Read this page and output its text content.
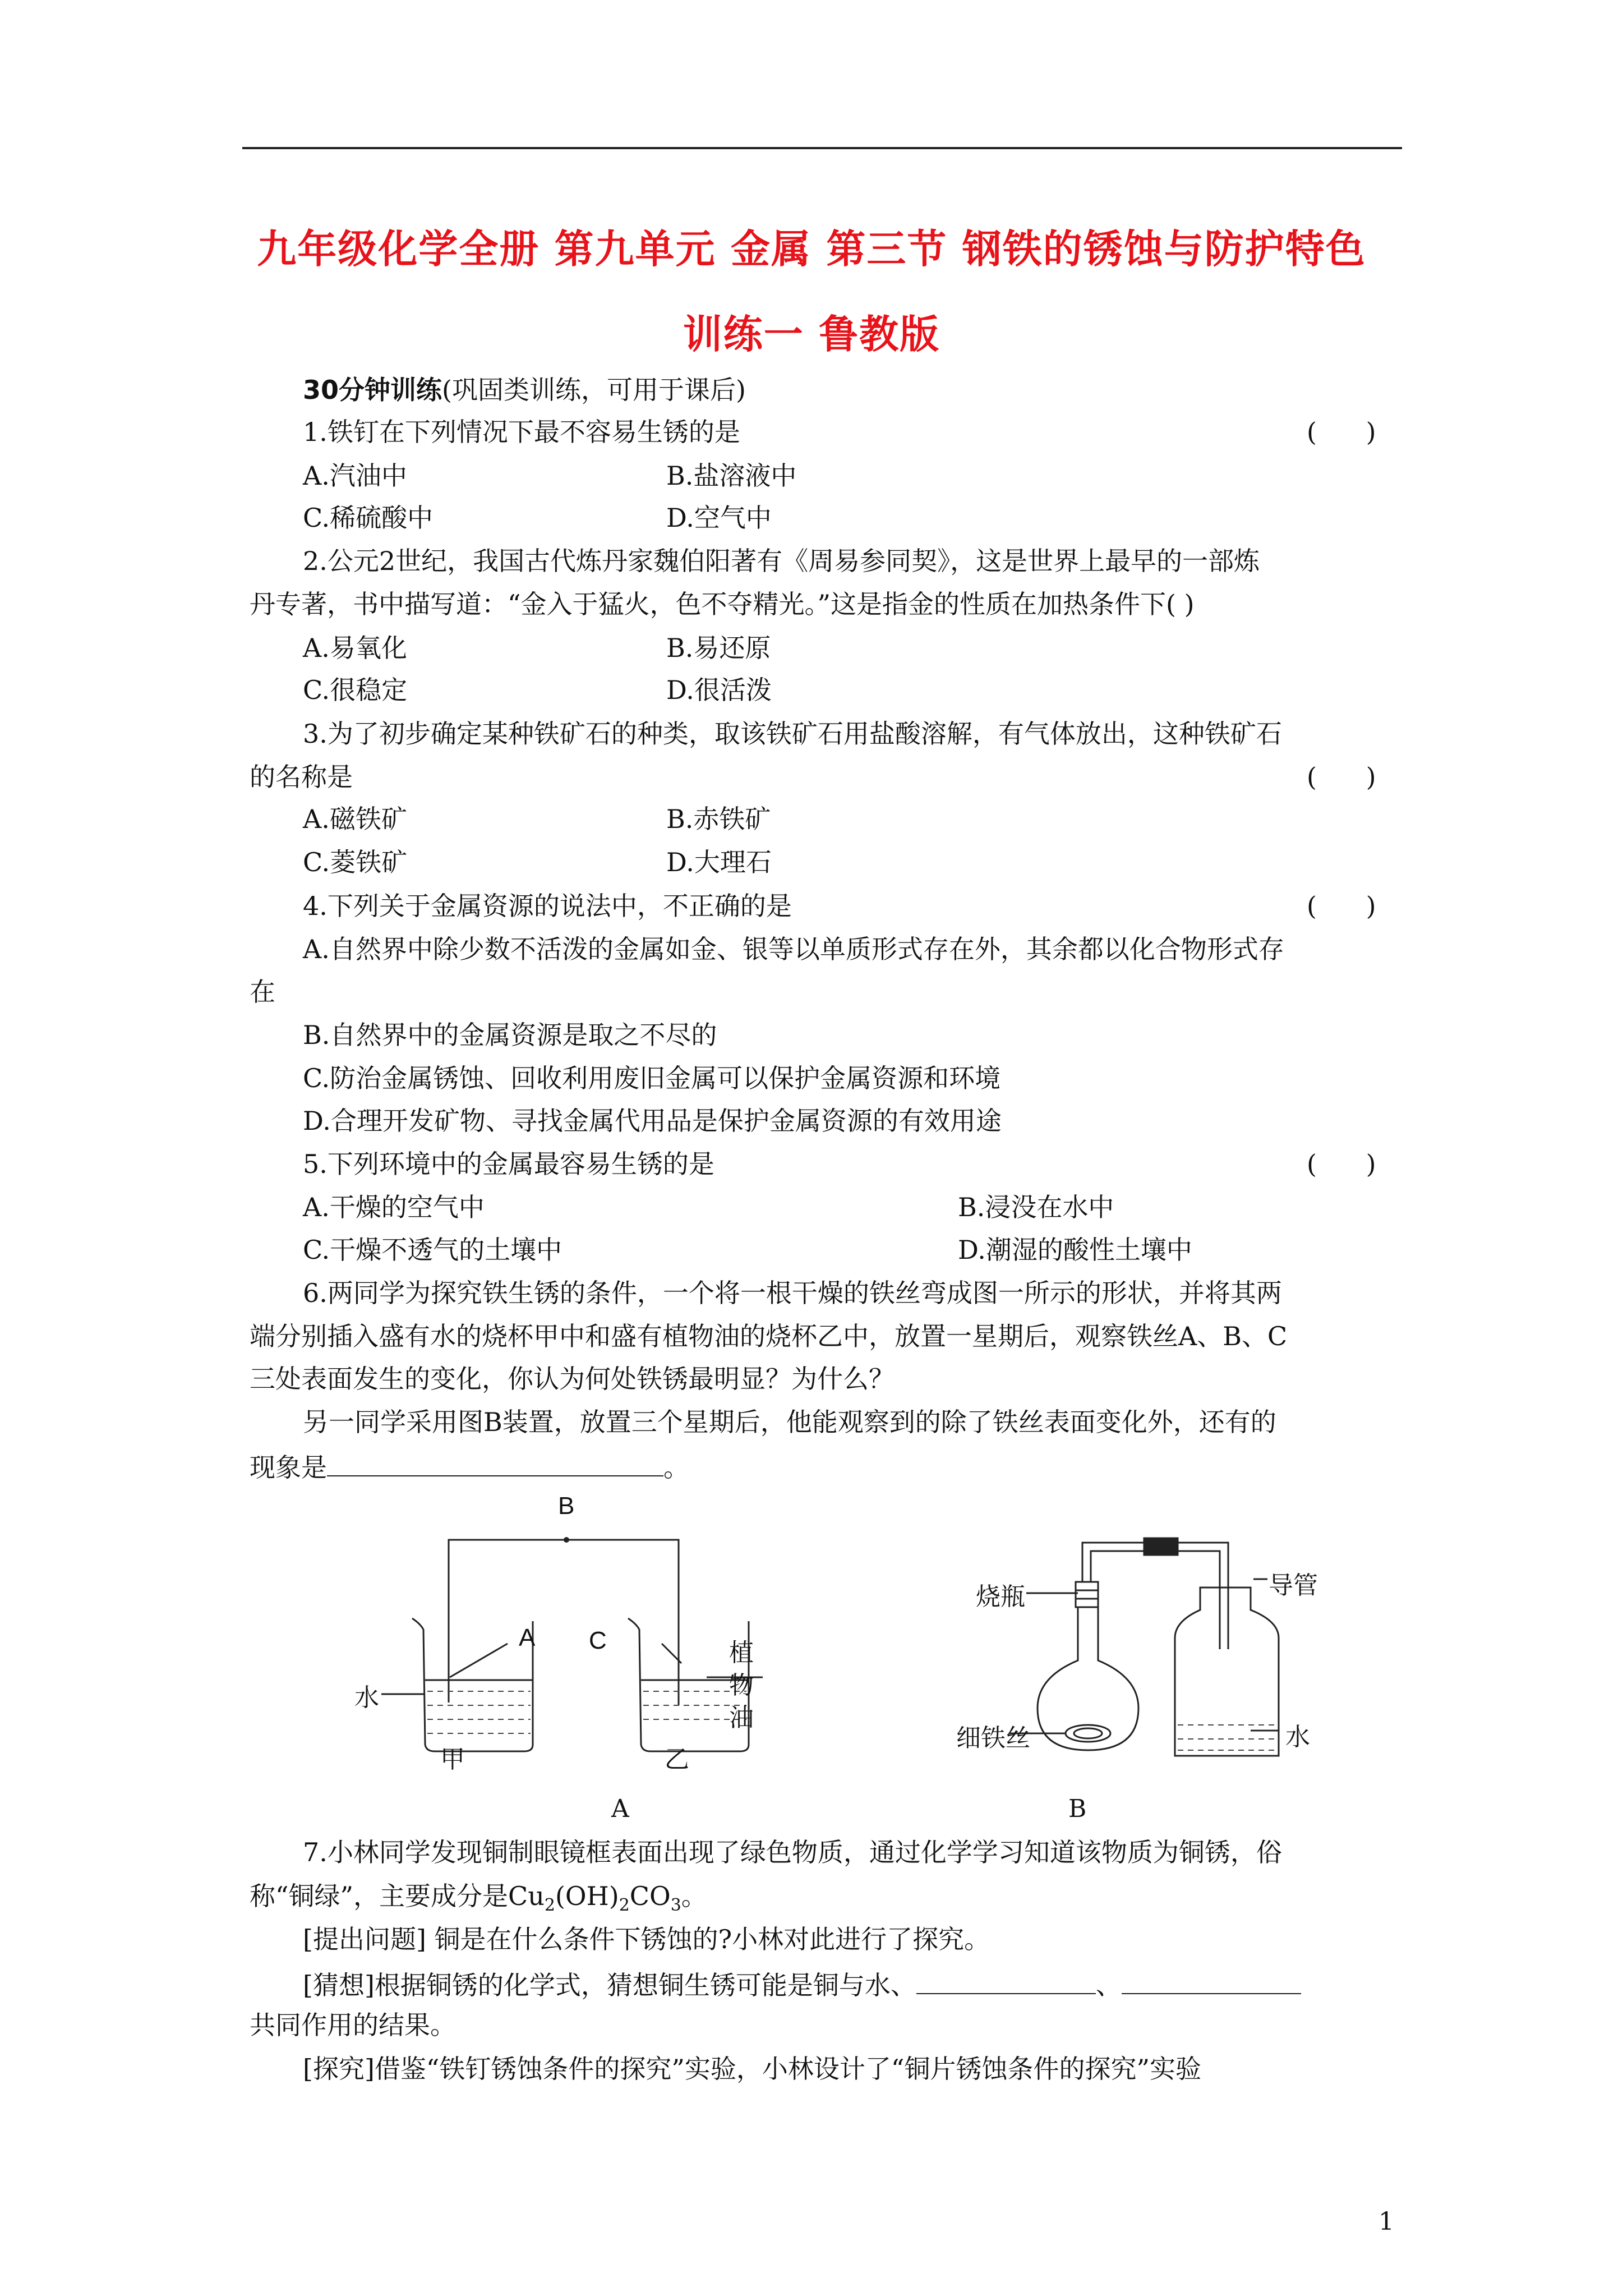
九年级化学全册 第九单元 金属 第三节 钢铁的锈蚀与防护特色
训练一 鲁教版
30分钟训练(巩固类训练，可用于课后)
1.铁钉在下列情况下最不容易生锈的是	(      )
A.汽油中	B.盐溶液中
C.稀硫酸中	D.空气中
2.公元2世纪，我国古代炼丹家魏伯阳著有《周易参同契》，这是世界上最早的一部炼
丹专著，书中描写道：“金入于猛火，色不夺精光。”这是指金的性质在加热条件下( )
A.易氧化	B.易还原
C.很稳定	D.很活泼
3.为了初步确定某种铁矿石的种类，取该铁矿石用盐酸溶解，有气体放出，这种铁矿石
的名称是	(      )
A.磁铁矿	B.赤铁矿
C.菱铁矿	D.大理石
4.下列关于金属资源的说法中，不正确的是	(      )
A.自然界中除少数不活泼的金属如金、银等以单质形式存在外，其余都以化合物形式存
在
B.自然界中的金属资源是取之不尽的
C.防治金属锈蚀、回收利用废旧金属可以保护金属资源和环境
D.合理开发矿物、寻找金属代用品是保护金属资源的有效用途
5.下列环境中的金属最容易生锈的是	(      )
A.干燥的空气中	B.浸没在水中
C.干燥不透气的土壤中	D.潮湿的酸性土壤中
6.两同学为探究铁生锈的条件，一个将一根干燥的铁丝弯成图一所示的形状，并将其两
端分别插入盛有水的烧杯甲中和盛有植物油的烧杯乙中，放置一星期后，观察铁丝A、B、C
三处表面发生的变化，你认为何处铁锈最明显？为什么？
另一同学采用图B装置，放置三个星期后，他能观察到的除了铁丝表面变化外，还有的
现象是	。
B
A C
水
植
物
油
甲	乙
A
烧瓶	导管
细铁丝	水
B
7.小林同学发现铜制眼镜框表面出现了绿色物质，通过化学学习知道该物质为铜锈，俗
称“铜绿”，主要成分是$Cu_2(OH)_2CO_3$。
[提出问题] 铜是在什么条件下锈蚀的?小林对此进行了探究。
[猜想]根据铜锈的化学式，猜想铜生锈可能是铜与水、	、
共同作用的结果。
[探究]借鉴“铁钉锈蚀条件的探究”实验，小林设计了“铜片锈蚀条件的探究”实验
1
